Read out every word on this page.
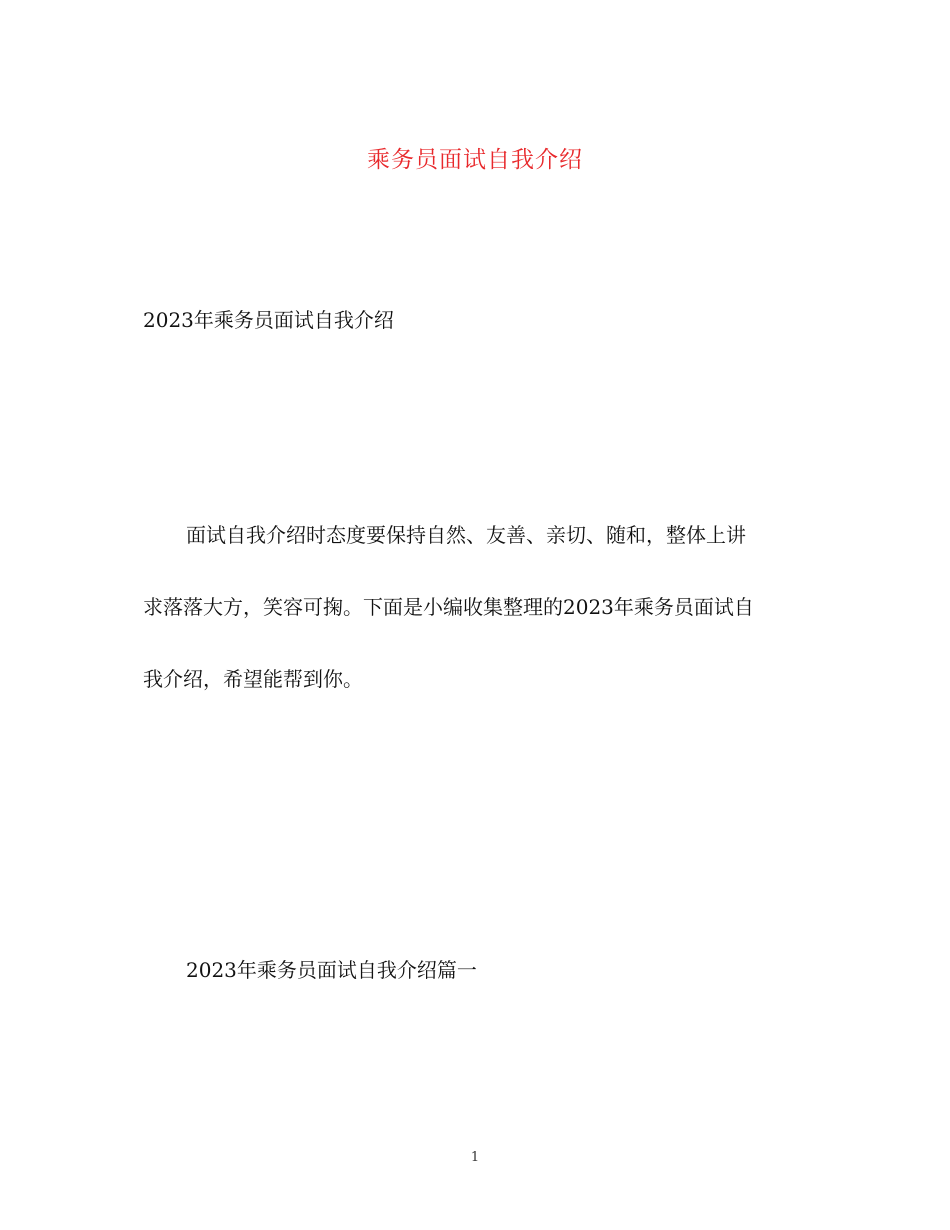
乘务员面试自我介绍
2023年乘务员面试自我介绍
面试自我介绍时态度要保持自然、友善、亲切、随和，整体上讲
求落落大方，笑容可掬。下面是小编收集整理的2023年乘务员面试自
我介绍，希望能帮到你。
2023年乘务员面试自我介绍篇一
1
